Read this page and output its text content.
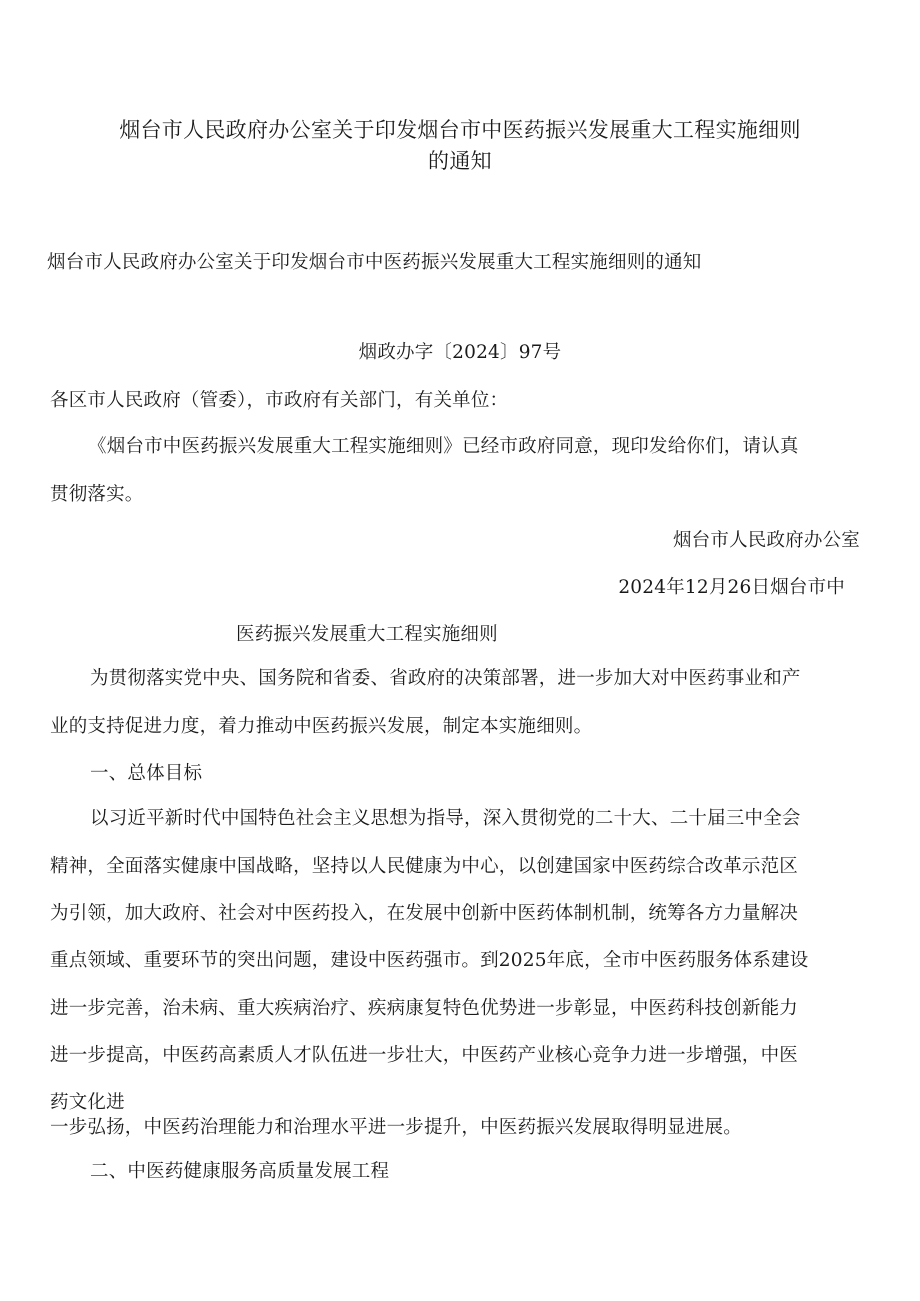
烟台市人民政府办公室关于印发烟台市中医药振兴发展重大工程实施细则
的通知
烟台市人民政府办公室关于印发烟台市中医药振兴发展重大工程实施细则的通知
烟政办字〔2024〕97号
各区市人民政府（管委），市政府有关部门，有关单位：
《烟台市中医药振兴发展重大工程实施细则》已经市政府同意，现印发给你们，请认真
贯彻落实。
烟台市人民政府办公室
2024年12月26日烟台市中
医药振兴发展重大工程实施细则
为贯彻落实党中央、国务院和省委、省政府的决策部署，进一步加大对中医药事业和产
业的支持促进力度，着力推动中医药振兴发展，制定本实施细则。
一、总体目标
以习近平新时代中国特色社会主义思想为指导，深入贯彻党的二十大、二十届三中全会
精神，全面落实健康中国战略，坚持以人民健康为中心，以创建国家中医药综合改革示范区
为引领，加大政府、社会对中医药投入，在发展中创新中医药体制机制，统筹各方力量解决
重点领域、重要环节的突出问题，建设中医药强市。到2025年底，全市中医药服务体系建设
进一步完善，治未病、重大疾病治疗、疾病康复特色优势进一步彰显，中医药科技创新能力
进一步提高，中医药高素质人才队伍进一步壮大，中医药产业核心竞争力进一步增强，中医
药文化进
一步弘扬，中医药治理能力和治理水平进一步提升，中医药振兴发展取得明显进展。
二、中医药健康服务高质量发展工程
